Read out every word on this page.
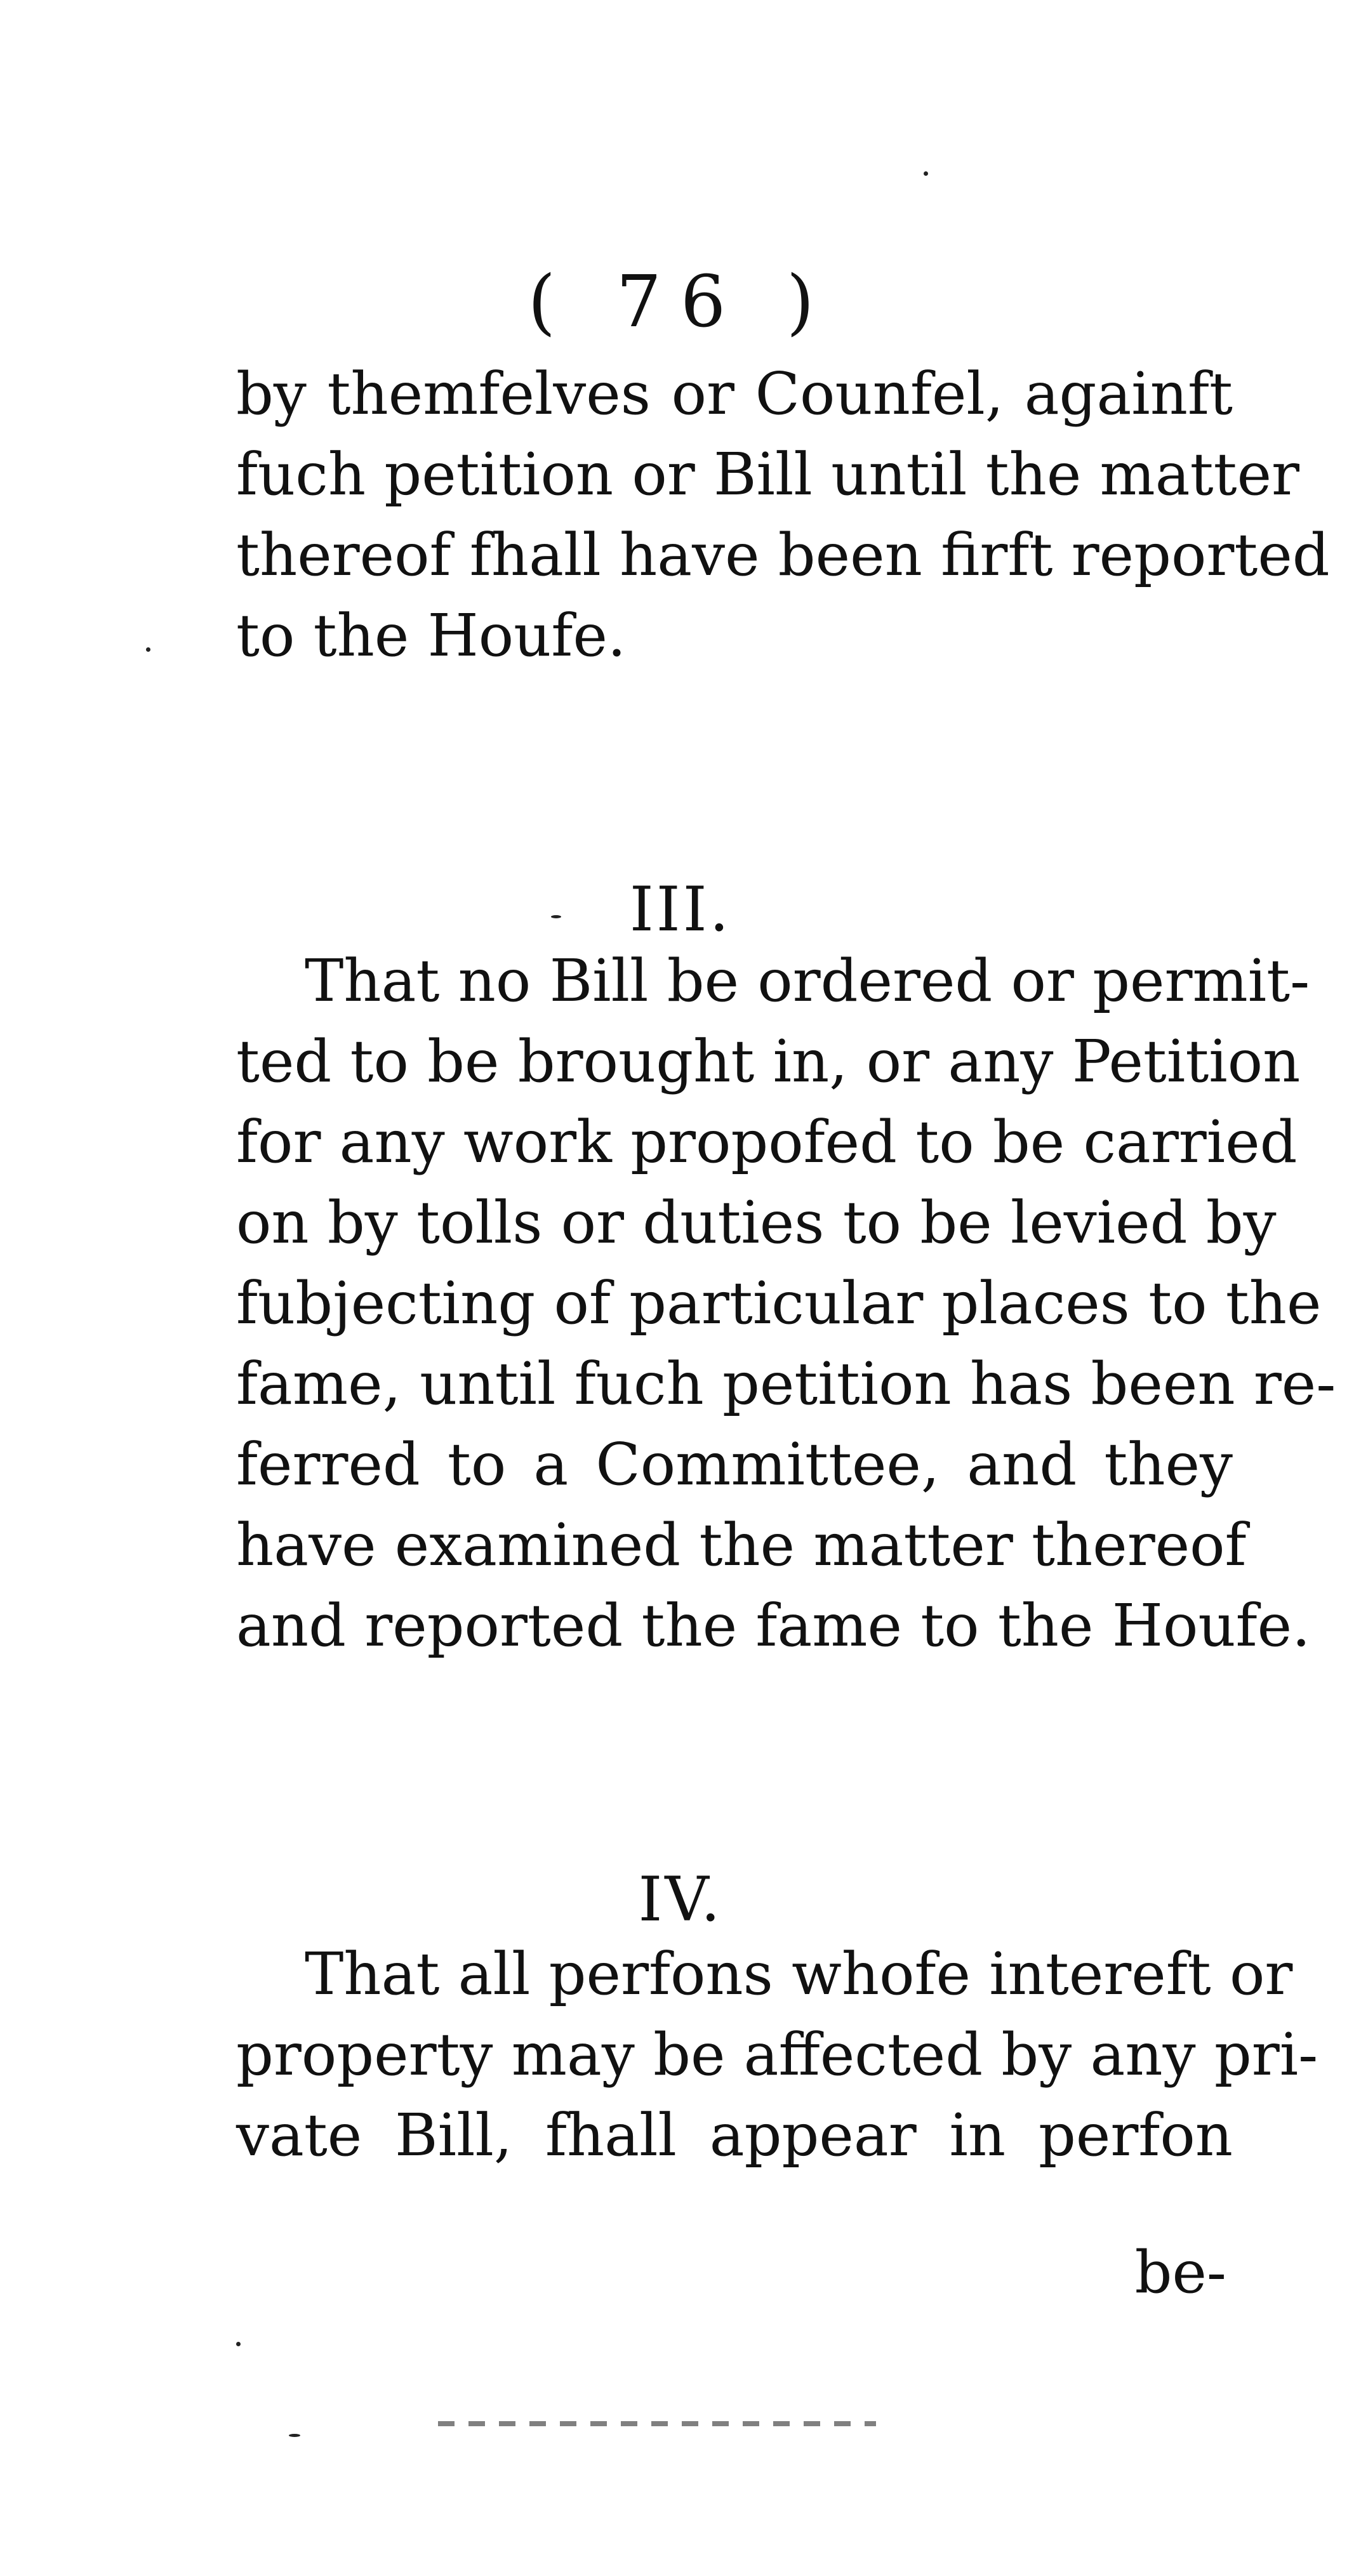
( 76 )
by themfelves or Counfel, againft
fuch petition or Bill until the matter
thereof fhall have been firft reported
to the Houfe.
III.
That no Bill be ordered or permit-
ted to be brought in, or any Petition
for any work propofed to be carried
on by tolls or duties to be levied by
fubjecting of particular places to the
fame, until fuch petition has been re-
ferred to a Committee, and they
have examined the matter thereof
and reported the fame to the Houfe.
IV.
That all perfons whofe intereft or
property may be affected by any pri-
vate Bill, fhall appear in perfon
be-
